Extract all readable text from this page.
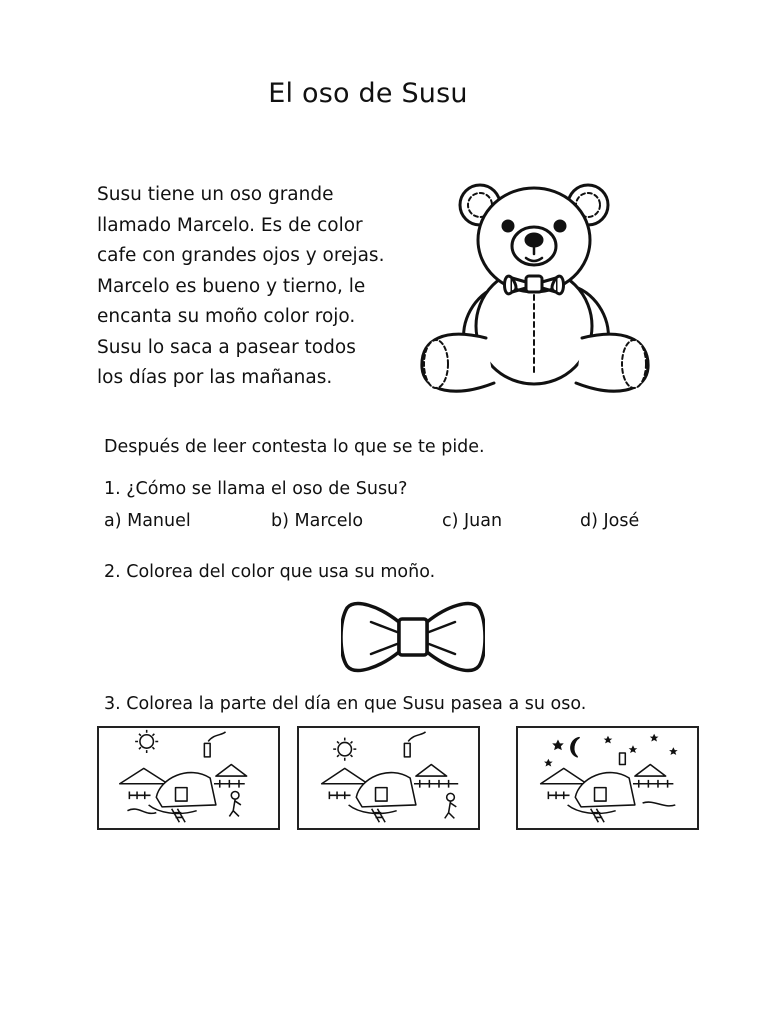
El oso de Susu
Susu tiene un oso grande
llamado Marcelo. Es de color
cafe con grandes ojos y orejas.
Marcelo es bueno y tierno, le
encanta su moño color rojo.
Susu lo saca a pasear todos
los días por las mañanas.
Después de leer contesta lo que se te pide.
1. ¿Cómo se llama el oso de Susu?
a) Manuel	b) Marcelo	c) Juan	d) José
2. Colorea del color que usa su moño.
3. Colorea la parte del día en que Susu pasea a su oso.
